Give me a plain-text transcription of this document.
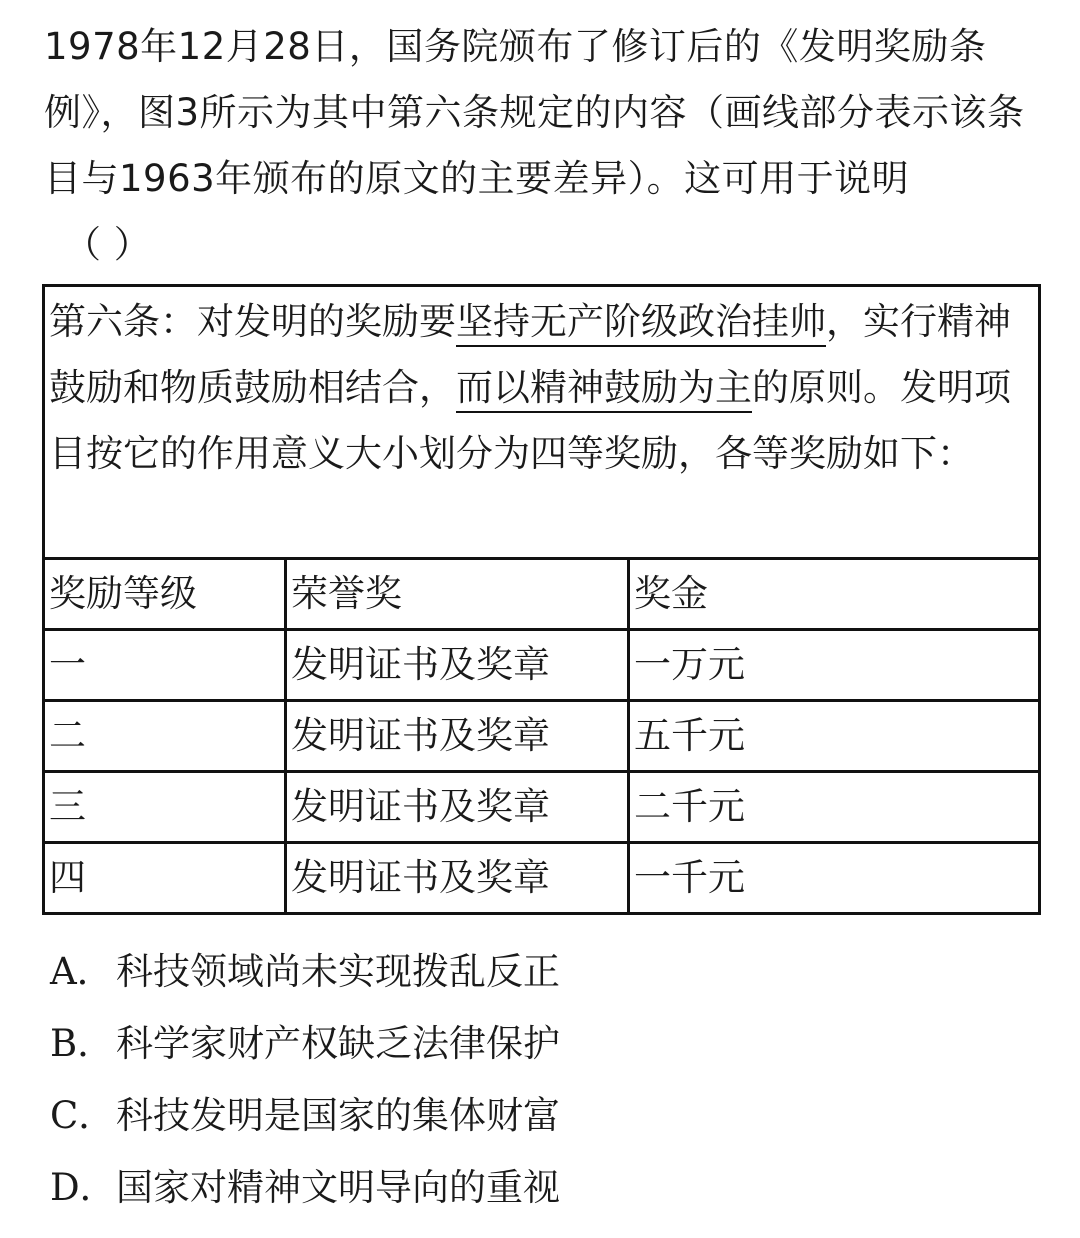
1978年12月28日，国务院颁布了修订后的《发明奖励条例》，图3所示为其中第六条规定的内容（画线部分表示该条目与1963年颁布的原文的主要差异）。这可用于说明
（ ）
第六条：对发明的奖励要坚持无产阶级政治挂帅，实行精神鼓励和物质鼓励相结合，而以精神鼓励为主的原则。发明项目按它的作用意义大小划分为四等奖励，各等奖励如下：		
奖励等级	荣誉奖	奖金
一	发明证书及奖章	一万元
二	发明证书及奖章	五千元
三	发明证书及奖章	二千元
四	发明证书及奖章	一千元
A． 科技领域尚未实现拨乱反正
B． 科学家财产权缺乏法律保护
C． 科技发明是国家的集体财富
D． 国家对精神文明导向的重视
